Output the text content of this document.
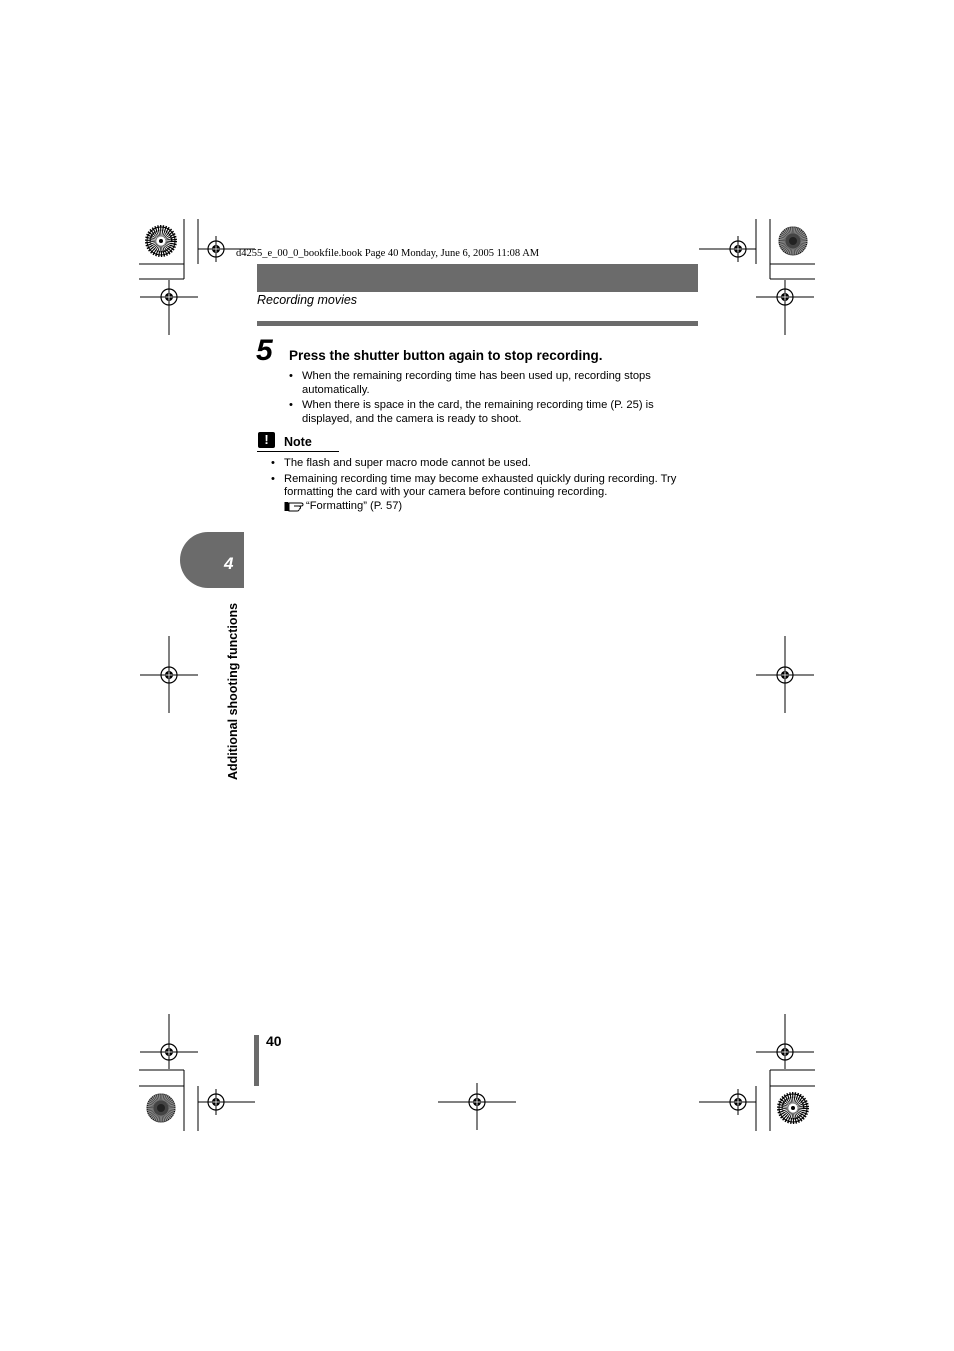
d4255_e_00_0_bookfile.book Page 40 Monday, June 6, 2005 11:08 AM
Recording movies
5 Press the shutter button again to stop recording.
• When the remaining recording time has been used up, recording stops automatically.
• When there is space in the card, the remaining recording time (P. 25) is displayed, and the camera is ready to shoot.
!	Note
• The flash and super macro mode cannot be used.
• Remaining recording time may become exhausted quickly during recording. Try formatting the card with your camera before continuing recording.

“Formatting” (P. 57)
4
Additional shooting functions
40
